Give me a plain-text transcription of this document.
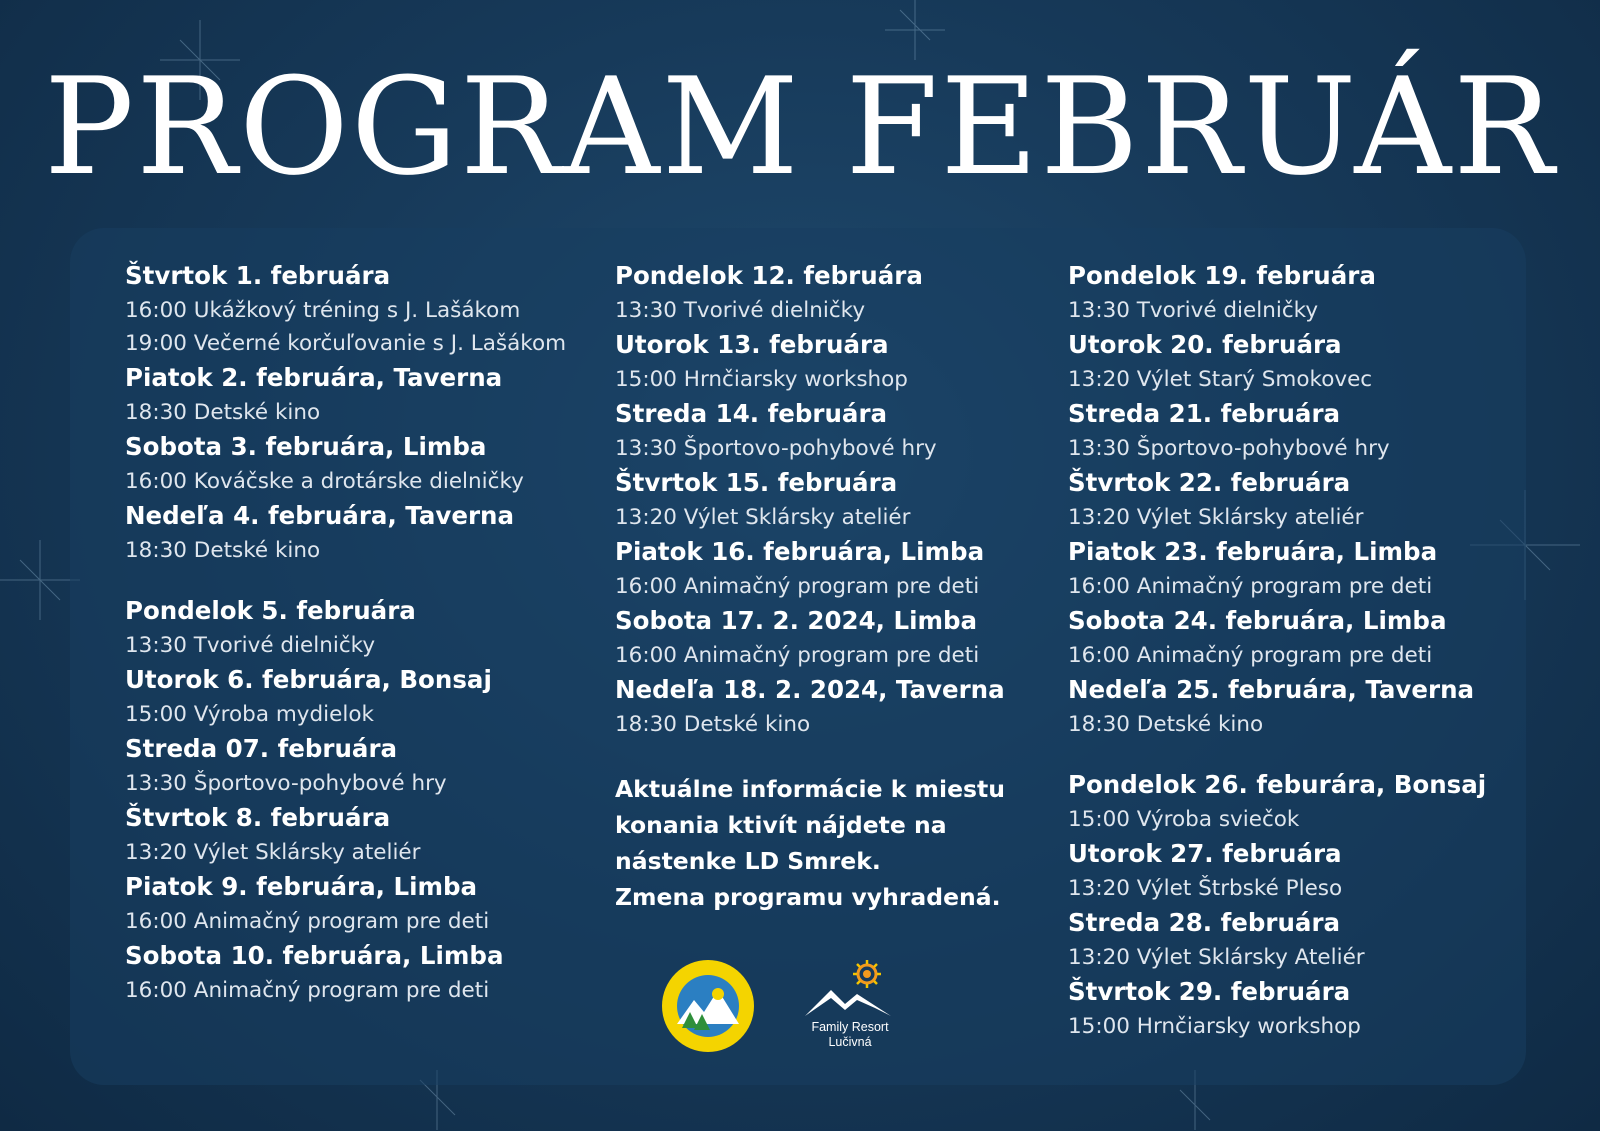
PROGRAM FEBRUÁR
Štvrtok 1. februára
16:00 Ukážkový tréning s J. Lašákom
19:00 Večerné korčuľovanie s J. Lašákom
Piatok 2. februára, Taverna
18:30 Detské kino
Sobota 3. februára, Limba
16:00 Kováčske a drotárske dielničky
Nedeľa 4. februára, Taverna
18:30 Detské kino
Pondelok 5. februára
13:30 Tvorivé dielničky
Utorok 6. februára, Bonsaj
15:00 Výroba mydielok
Streda 07. februára
13:30 Športovo-pohybové hry
Štvrtok 8. februára
13:20 Výlet Sklársky ateliér
Piatok 9. februára, Limba
16:00 Animačný program pre deti
Sobota 10. februára, Limba
16:00 Animačný program pre deti
Pondelok 12. februára
13:30 Tvorivé dielničky
Utorok 13. februára
15:00 Hrnčiarsky workshop
Streda 14. februára
13:30 Športovo-pohybové hry
Štvrtok 15. februára
13:20 Výlet Sklársky ateliér
Piatok 16. februára, Limba
16:00 Animačný program pre deti
Sobota 17. 2. 2024, Limba
16:00 Animačný program pre deti
Nedeľa 18. 2. 2024, Taverna
18:30 Detské kino
Aktuálne informácie k miestu
konania ktivít nájdete na
nástenke LD Smrek.
Zmena programu vyhradená.
Pondelok 19. februára
13:30 Tvorivé dielničky
Utorok 20. februára
13:20 Výlet Starý Smokovec
Streda 21. februára
13:30 Športovo-pohybové hry
Štvrtok 22. februára
13:20 Výlet Sklársky ateliér
Piatok 23. februára, Limba
16:00 Animačný program pre deti
Sobota 24. februára, Limba
16:00 Animačný program pre deti
Nedeľa 25. februára, Taverna
18:30 Detské kino
Pondelok 26. feburára, Bonsaj
15:00 Výroba sviečok
Utorok 27. februára
13:20 Výlet Štrbské Pleso
Streda 28. februára
13:20 Výlet Sklársky Ateliér
Štvrtok 29. februára
15:00 Hrnčiarsky workshop
Family Resort
Lučivná
